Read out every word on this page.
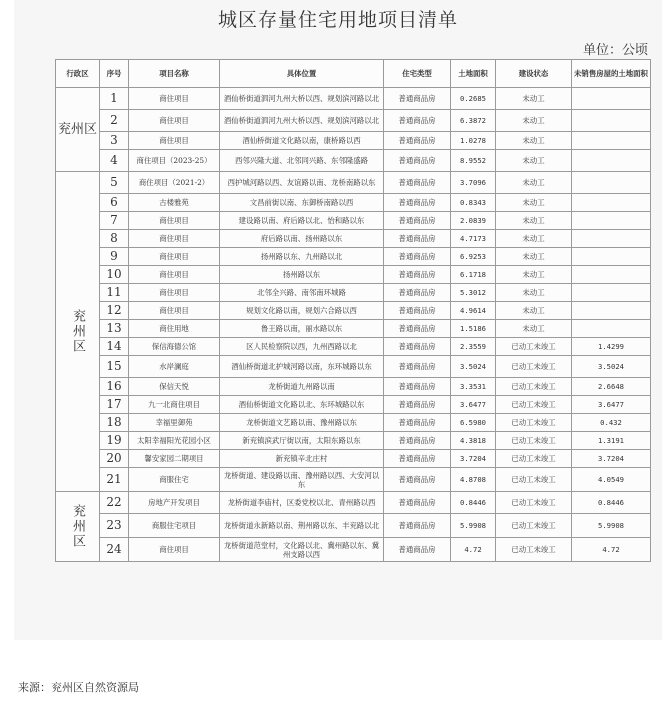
城区存量住宅用地项目清单
单位：公顷
行政区	序号	项目名称	具体位置	住宅类型	土地面积	建设状态	未销售房屋的土地面积
兖州区	1	商住项目	酒仙桥街道泗河九州大桥以西、规划滨河路以北	普通商品房	0.2685	未动工	
	2	商住项目	酒仙桥街道泗河九州大桥以西、规划滨河路以北	普通商品房	6.3872	未动工	
	3	商住项目	酒仙桥街道文化路以南，康桥路以西	普通商品房	1.0278	未动工	
	4	商住项目（2023-25）	西邻兴隆大道、北邻同兴路、东邻隆盛路	普通商品房	8.9552	未动工	
兖州区	5	商住项目（2021-2）	西护城河路以西、友谊路以南、龙桥南路以东	普通商品房	3.7096	未动工	
	6	古楼雅苑	文昌前街以南、东御桥南路以西	普通商品房	0.8343	未动工	
	7	商住项目	建设路以南、府后路以北、怡和路以东	普通商品房	2.0839	未动工	
	8	商住项目	府后路以南、扬州路以东	普通商品房	4.7173	未动工	
	9	商住项目	扬州路以东、九州路以北	普通商品房	6.9253	未动工	
	10	商住项目	扬州路以东	普通商品房	6.1718	未动工	
	11	商住项目	北邻全兴路、南邻南环城路	普通商品房	5.3012	未动工	
	12	商住项目	规划文化路以南，规划六合路以西	普通商品房	4.9614	未动工	
	13	商住用地	鲁王路以南，丽水路以东	普通商品房	1.5186	未动工	
	14	保信海德公馆	区人民检察院以西，九州西路以北	普通商品房	2.3559	已动工未竣工	1.4299
	15	水岸澜庭	酒仙桥街道北护城河路以南，东环城路以东	普通商品房	3.5024	已动工未竣工	3.5024
	16	保信天悦	龙桥街道九州路以南	普通商品房	3.3531	已动工未竣工	2.6648
	17	九一北商住项目	酒仙桥街道文化路以北、东环城路以东	普通商品房	3.6477	已动工未竣工	3.6477
	18	幸福里御苑	龙桥街道文艺路以南、豫州路以东	普通商品房	6.5980	已动工未竣工	0.432
	19	太阳幸福阳光花园小区	新兖镇滨武厅街以南，太阳东路以东	普通商品房	4.3818	已动工未竣工	1.3191
	20	馨安家园二期项目	新兖镇辛北庄村	普通商品房	3.7204	已动工未竣工	3.7204
	21	商服住宅	龙桥街道、建设路以南、豫州路以西、大安河以东	普通商品房	4.8708	已动工未竣工	4.0549
兖州区	22	房地产开发项目	龙桥街道李庙村，区委党校以北、青州路以西	普通商品房	0.8446	已动工未竣工	0.8446
	23	商服住宅项目	龙桥街道永新路以南、荆州路以东、丰兖路以北	普通商品房	5.9908	已动工未竣工	5.9908
	24	商住项目	龙桥街道范堂村，文化路以北、冀州路以东、冀州支路以西	普通商品房	4.72	已动工未竣工	4.72
来源：兖州区自然资源局
